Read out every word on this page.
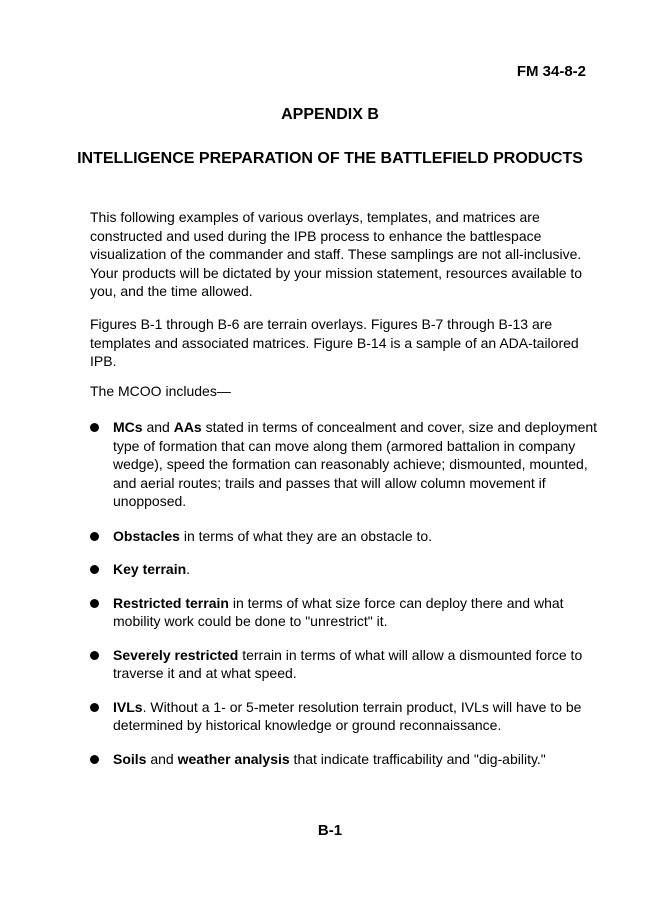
FM 34-8-2
APPENDIX B
INTELLIGENCE PREPARATION OF THE BATTLEFIELD PRODUCTS

This following examples of various overlays, templates, and matrices are constructed and used during the IPB process to enhance the battlespace visualization of the commander and staff. These samplings are not all-inclusive. Your products will be dictated by your mission statement, resources available to you, and the time allowed.

Figures B-1 through B-6 are terrain overlays. Figures B-7 through B-13 are templates and associated matrices. Figure B-14 is a sample of an ADA-tailored IPB.

The MCOO includes—

MCs and AAs stated in terms of concealment and cover, size and deployment type of formation that can move along them (armored battalion in company wedge), speed the formation can reasonably achieve; dismounted, mounted, and aerial routes; trails and passes that will allow column movement if unopposed.
Obstacles in terms of what they are an obstacle to.
Key terrain.
Restricted terrain in terms of what size force can deploy there and what mobility work could be done to "unrestrict" it.
Severely restricted terrain in terms of what will allow a dismounted force to traverse it and at what speed.
IVLs. Without a 1- or 5-meter resolution terrain product, IVLs will have to be determined by historical knowledge or ground reconnaissance.
Soils and weather analysis that indicate trafficability and "dig-ability."
B-1
